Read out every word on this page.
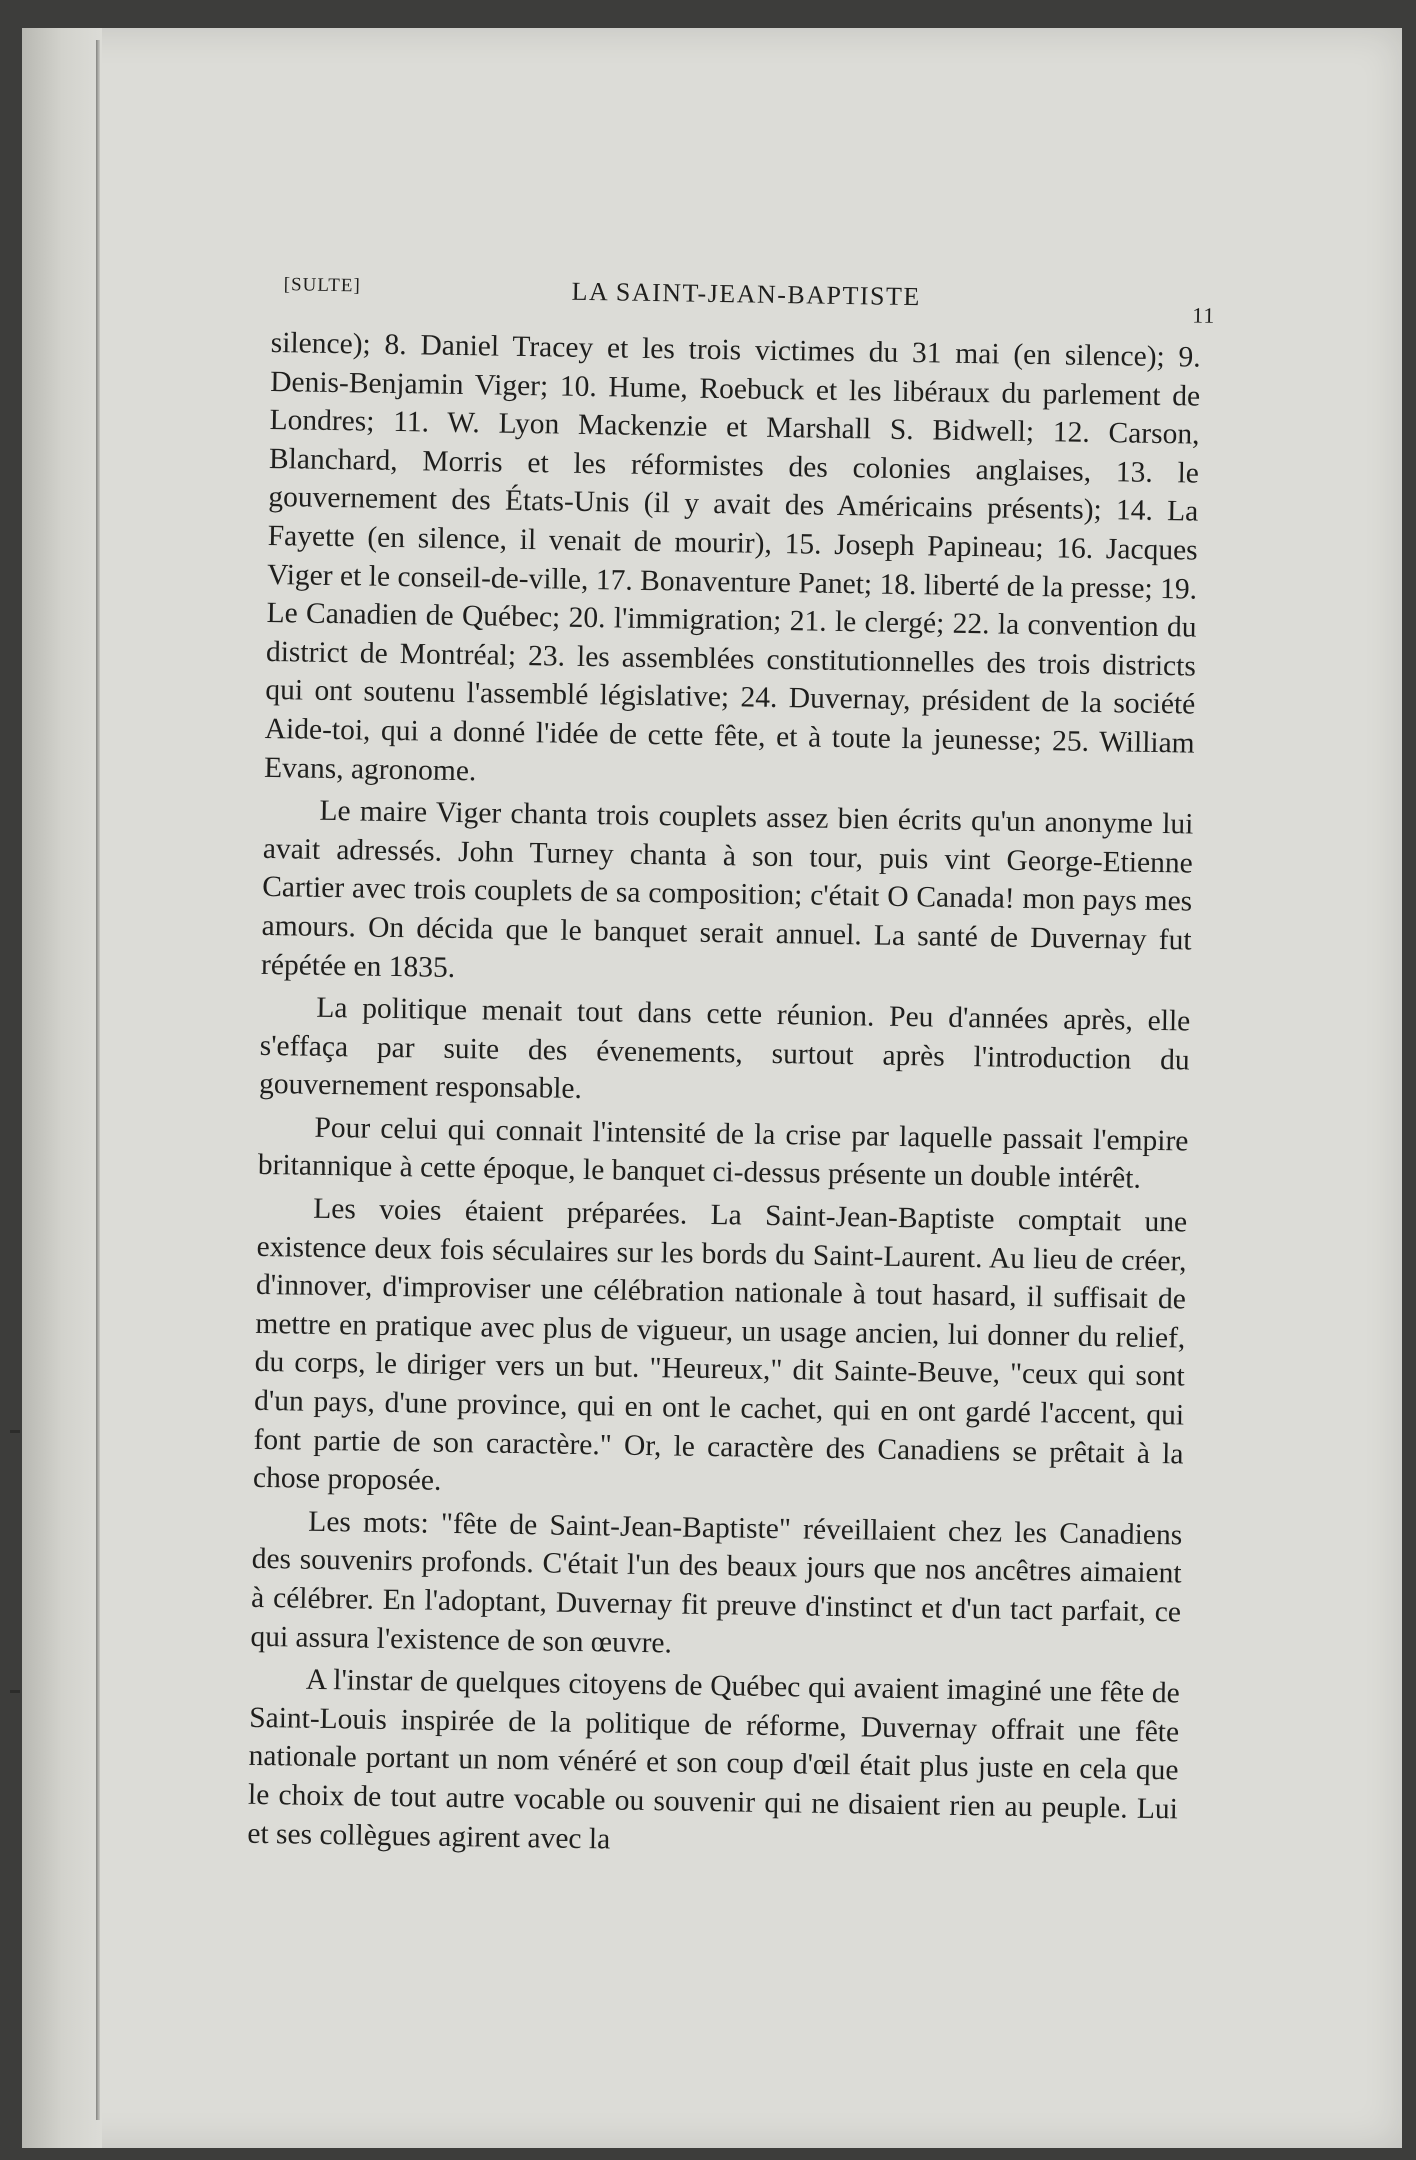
[SULTE]	LA SAINT-JEAN-BAPTISTE
11

silence); 8. Daniel Tracey et les trois victimes du 31 mai (en silence); 9. Denis-Benjamin Viger; 10. Hume, Roebuck et les libéraux du parlement de Londres; 11. W. Lyon Mackenzie et Marshall S. Bidwell; 12. Carson, Blanchard, Morris et les réformistes des colonies anglaises, 13. le gouvernement des États-Unis (il y avait des Américains présents); 14. La Fayette (en silence, il venait de mourir), 15. Joseph Papineau; 16. Jacques Viger et le conseil-de-ville, 17. Bonaventure Panet; 18. liberté de la presse; 19. Le Canadien de Québec; 20. l'immigration; 21. le clergé; 22. la convention du district de Montréal; 23. les assemblées constitutionnelles des trois districts qui ont soutenu l'assemblé législative; 24. Duvernay, président de la société Aide-toi, qui a donné l'idée de cette fête, et à toute la jeunesse; 25. William Evans, agronome.

Le maire Viger chanta trois couplets assez bien écrits qu'un anonyme lui avait adressés. John Turney chanta à son tour, puis vint George-Etienne Cartier avec trois couplets de sa composition; c'était O Canada! mon pays mes amours. On décida que le banquet serait annuel. La santé de Duvernay fut répétée en 1835.

La politique menait tout dans cette réunion. Peu d'années après, elle s'effaça par suite des évenements, surtout après l'introduction du gouvernement responsable.

Pour celui qui connait l'intensité de la crise par laquelle passait l'empire britannique à cette époque, le banquet ci-dessus présente un double intérêt.

Les voies étaient préparées. La Saint-Jean-Baptiste comptait une existence deux fois séculaires sur les bords du Saint-Laurent. Au lieu de créer, d'innover, d'improviser une célébration nationale à tout hasard, il suffisait de mettre en pratique avec plus de vigueur, un usage ancien, lui donner du relief, du corps, le diriger vers un but. "Heureux," dit Sainte-Beuve, "ceux qui sont d'un pays, d'une province, qui en ont le cachet, qui en ont gardé l'accent, qui font partie de son caractère." Or, le caractère des Canadiens se prêtait à la chose proposée.

Les mots: "fête de Saint-Jean-Baptiste" réveillaient chez les Canadiens des souvenirs profonds. C'était l'un des beaux jours que nos ancêtres aimaient à célébrer. En l'adoptant, Duvernay fit preuve d'instinct et d'un tact parfait, ce qui assura l'existence de son œuvre.

A l'instar de quelques citoyens de Québec qui avaient imaginé une fête de Saint-Louis inspirée de la politique de réforme, Duvernay offrait une fête nationale portant un nom vénéré et son coup d'œil était plus juste en cela que le choix de tout autre vocable ou souvenir qui ne disaient rien au peuple. Lui et ses collègues agirent avec la
